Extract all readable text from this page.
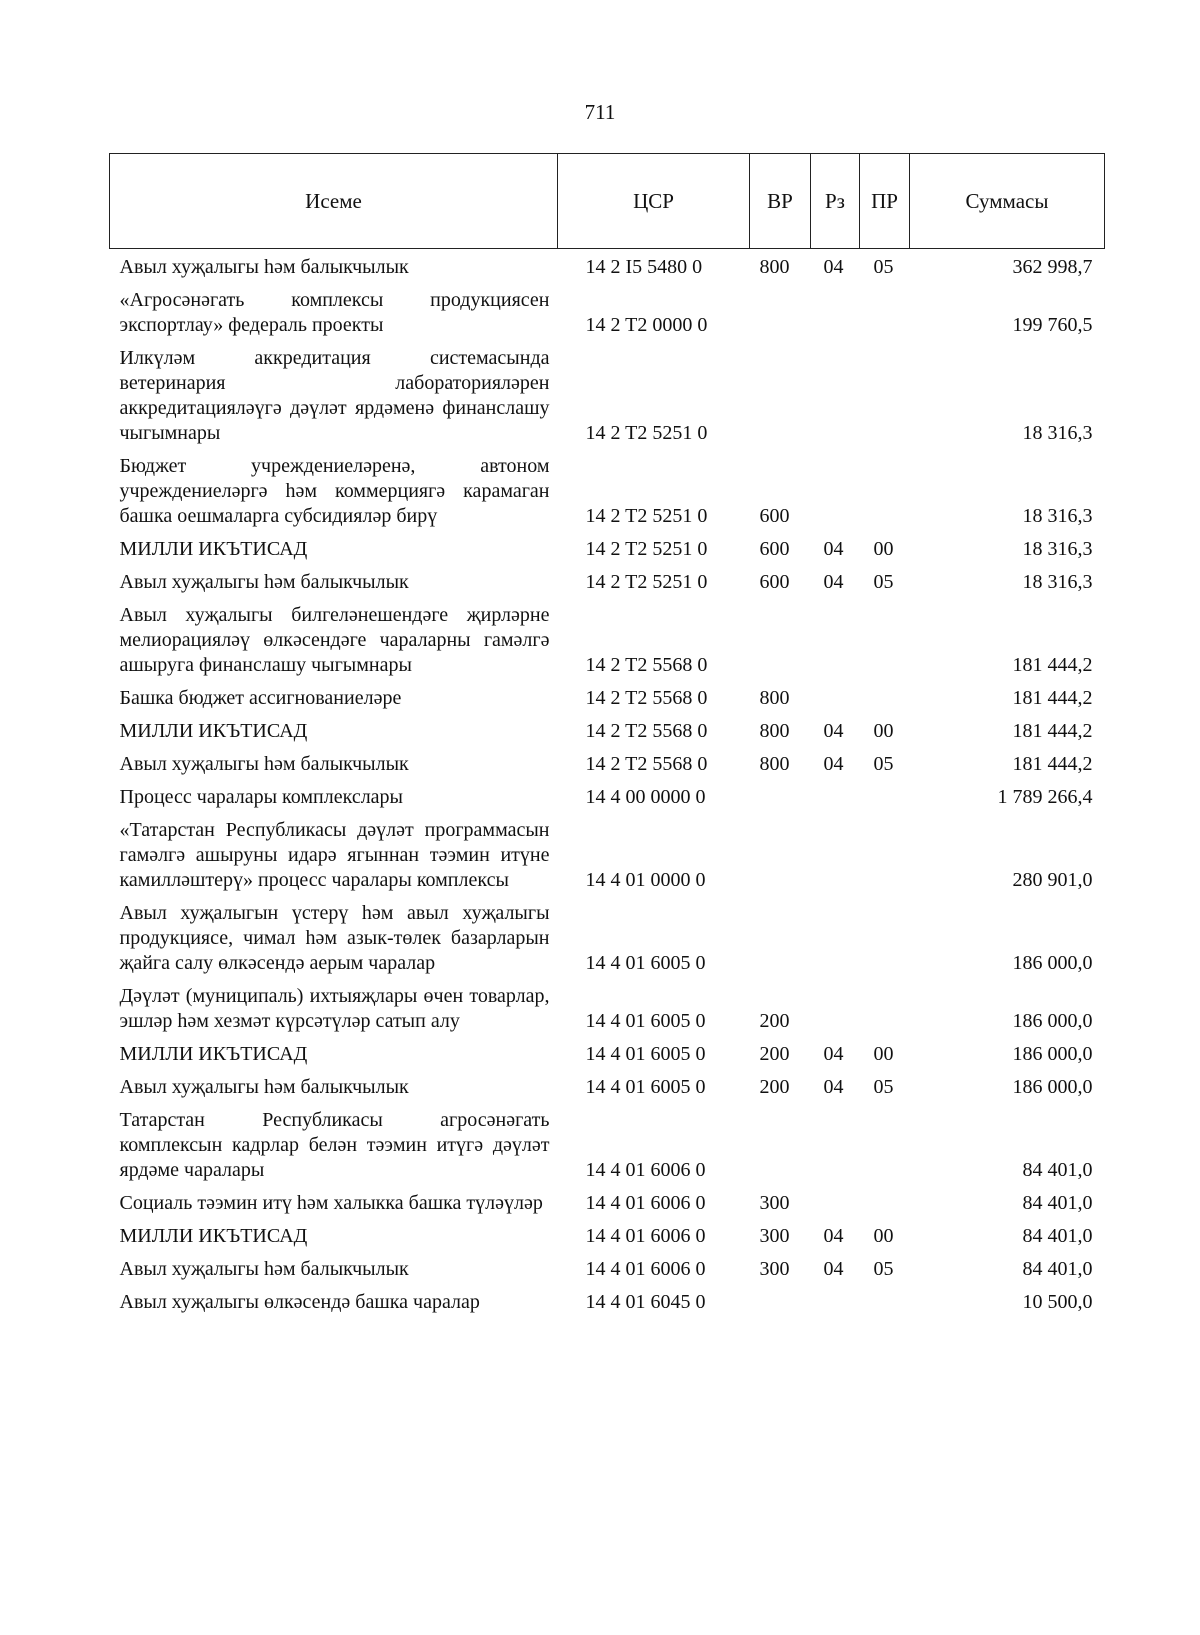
711
Исеме	ЦСР	ВР	Рз	ПР	Суммасы
Авыл хуҗалыгы һәм балыкчылык	14 2 I5 5480 0	800	04	05	362 998,7
«Агросәнәгать комплексы продукциясен экспортлау» федераль проекты	14 2 T2 0000 0				199 760,5
Илкүләм аккредитация системасында ветеринария лабораторияләрен аккредитацияләүгә дәүләт ярдәменә финанслашу чыгымнары	14 2 T2 5251 0				18 316,3
Бюджет учреждениеләренә, автоном учреждениеләргә һәм коммерциягә карамаган башка оешмаларга субсидияләр бирү	14 2 T2 5251 0	600			18 316,3
МИЛЛИ ИКЪТИСАД	14 2 T2 5251 0	600	04	00	18 316,3
Авыл хуҗалыгы һәм балыкчылык	14 2 T2 5251 0	600	04	05	18 316,3
Авыл хуҗалыгы билгеләнешендәге җирләрне мелиорацияләү өлкәсендәге чараларны гамәлгә ашыруга финанслашу чыгымнары	14 2 T2 5568 0				181 444,2
Башка бюджет ассигнованиеләре	14 2 T2 5568 0	800			181 444,2
МИЛЛИ ИКЪТИСАД	14 2 T2 5568 0	800	04	00	181 444,2
Авыл хуҗалыгы һәм балыкчылык	14 2 T2 5568 0	800	04	05	181 444,2
Процесс чаралары комплекслары	14 4 00 0000 0				1 789 266,4
«Татарстан Республикасы дәүләт программасын гамәлгә ашыруны идарә ягыннан тәэмин итүне камилләштерү» процесс чаралары комплексы	14 4 01 0000 0				280 901,0
Авыл хуҗалыгын үстерү һәм авыл хуҗалыгы продукциясе, чимал һәм азык-төлек базарларын җайга салу өлкәсендә аерым чаралар	14 4 01 6005 0				186 000,0
Дәүләт (муниципаль) ихтыяҗлары өчен товарлар, эшләр һәм хезмәт күрсәтүләр сатып алу	14 4 01 6005 0	200			186 000,0
МИЛЛИ ИКЪТИСАД	14 4 01 6005 0	200	04	00	186 000,0
Авыл хуҗалыгы һәм балыкчылык	14 4 01 6005 0	200	04	05	186 000,0
Татарстан Республикасы агросәнәгать комплексын кадрлар белән тәэмин итүгә дәүләт ярдәме чаралары	14 4 01 6006 0				84 401,0
Социаль тәэмин итү һәм халыкка башка түләүләр	14 4 01 6006 0	300			84 401,0
МИЛЛИ ИКЪТИСАД	14 4 01 6006 0	300	04	00	84 401,0
Авыл хуҗалыгы һәм балыкчылык	14 4 01 6006 0	300	04	05	84 401,0
Авыл хуҗалыгы өлкәсендә башка чаралар	14 4 01 6045 0				10 500,0
